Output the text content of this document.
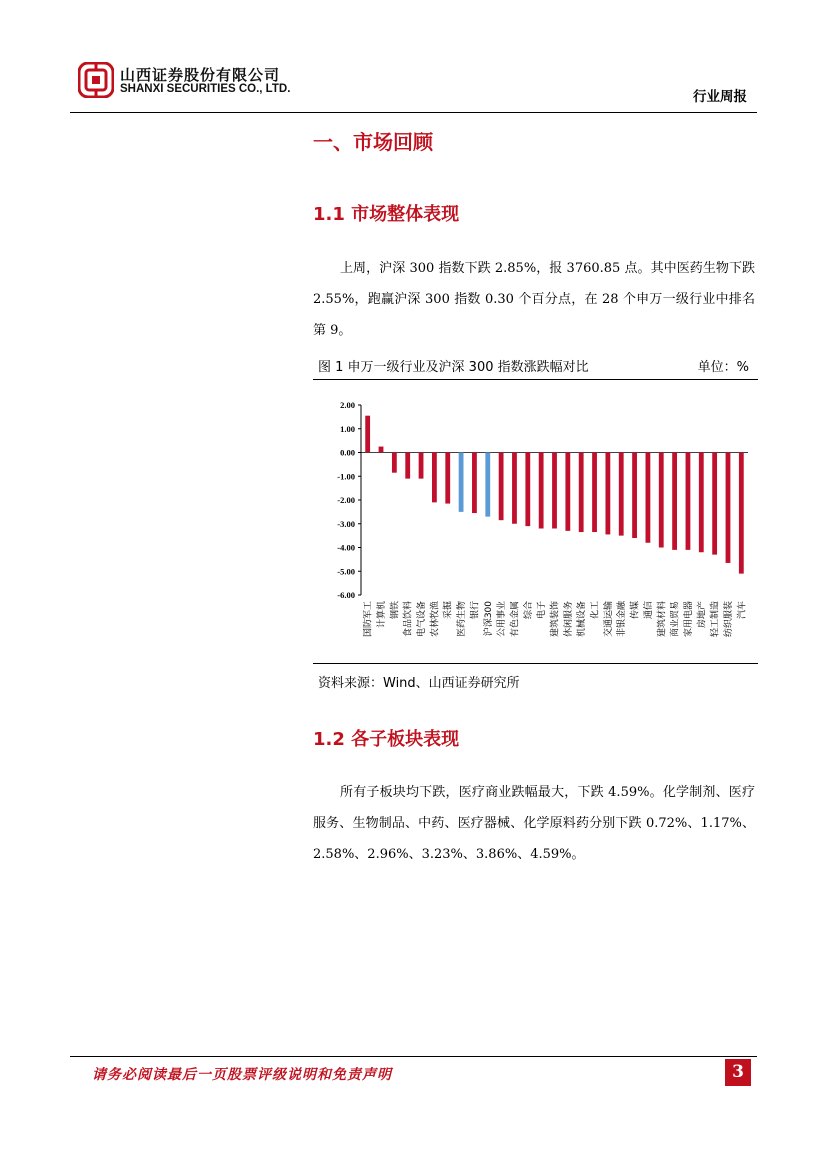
山西证券股份有限公司
SHANXI SECURITIES CO., LTD.	行业周报
一、市场回顾
1.1 市场整体表现

上周，沪深 300 指数下跌 2.85%，报 3760.85 点。其中医药生物下跌 2.55%，跑赢沪深 300 指数 0.30 个百分点，在 28 个申万一级行业中排名第 9。

图 1 申万一级行业及沪深 300 指数涨跌幅对比	单位：%
2.00
1.00
0.00
-1.00
-2.00
-3.00
-4.00
-5.00
-6.00
国防军工 计算机 钢铁 食品饮料 电气设备 农林牧渔 采掘 医药生物 银行 沪深300 公用事业 有色金属 综合 电子 建筑装饰 休闲服务 机械设备 化工 交通运输 非银金融 传媒 通信 建筑材料 商业贸易 家用电器 房地产 轻工制造 纺织服装 汽车
资料来源：Wind、山西证券研究所
1.2 各子板块表现

所有子板块均下跌，医疗商业跌幅最大，下跌 4.59%。化学制剂、医疗服务、生物制品、中药、医疗器械、化学原料药分别下跌 0.72%、1.17%、2.58%、2.96%、3.23%、3.86%、4.59%。

请务必阅读最后一页股票评级说明和免责声明	3
